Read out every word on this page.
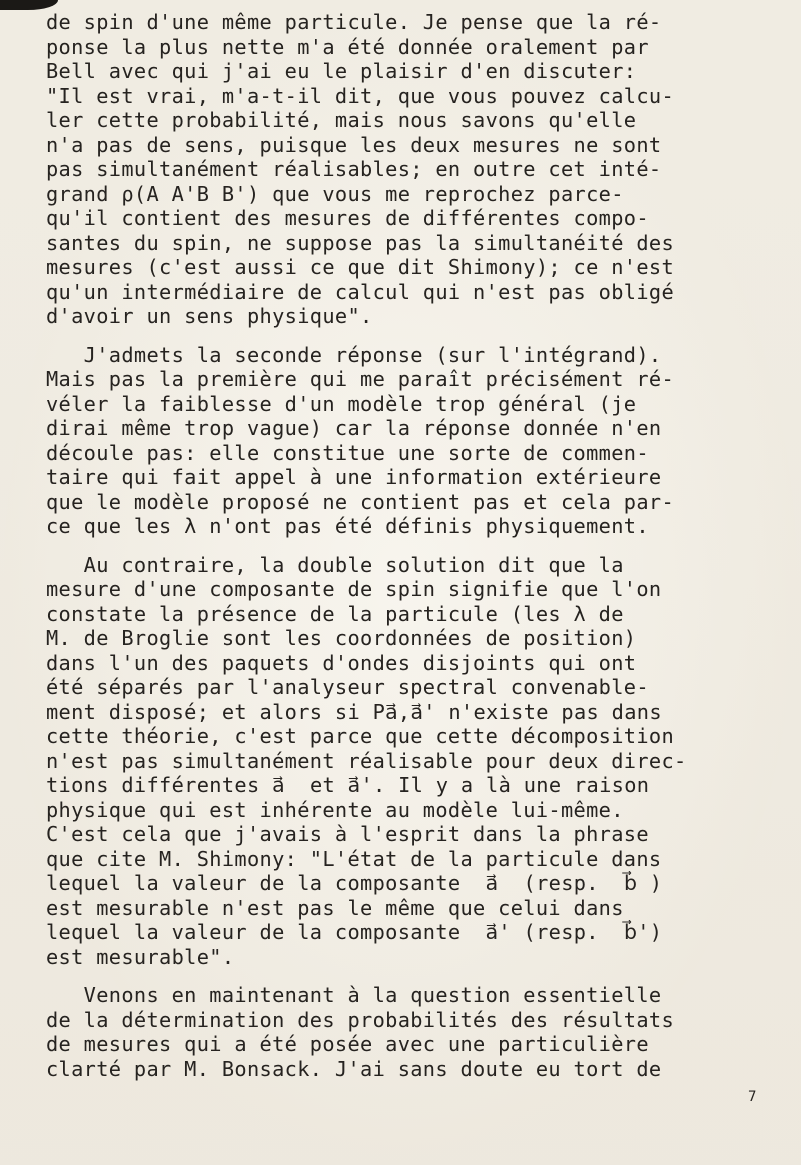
de spin d'une même particule. Je pense que la ré-
ponse la plus nette m'a été donnée oralement par
Bell avec qui j'ai eu le plaisir d'en discuter:
"Il est vrai, m'a-t-il dit, que vous pouvez calcu-
ler cette probabilité, mais nous savons qu'elle
n'a pas de sens, puisque les deux mesures ne sont
pas simultanément réalisables; en outre cet inté-
grand ρ(A A'B B') que vous me reprochez parce-
qu'il contient des mesures de différentes compo-
santes du spin, ne suppose pas la simultanéité des
mesures (c'est aussi ce que dit Shimony); ce n'est
qu'un intermédiaire de calcul qui n'est pas obligé
d'avoir un sens physique".
J'admets la seconde réponse (sur l'intégrand).
Mais pas la première qui me paraît précisément ré-
véler la faiblesse d'un modèle trop général (je
dirai même trop vague) car la réponse donnée n'en
découle pas: elle constitue une sorte de commen-
taire qui fait appel à une information extérieure
que le modèle proposé ne contient pas et cela par-
ce que les λ n'ont pas été définis physiquement.
Au contraire, la double solution dit que la
mesure d'une composante de spin signifie que l'on
constate la présence de la particule (les λ de
M. de Broglie sont les coordonnées de position)
dans l'un des paquets d'ondes disjoints qui ont
été séparés par l'analyseur spectral convenable-
ment disposé; et alors si Pa⃗,a⃗' n'existe pas dans
cette théorie, c'est parce que cette décomposition
n'est pas simultanément réalisable pour deux direc-
tions différentes a⃗  et a⃗'. Il y a là une raison
physique qui est inhérente au modèle lui-même.
C'est cela que j'avais à l'esprit dans la phrase
que cite M. Shimony: "L'état de la particule dans
lequel la valeur de la composante  a⃗  (resp.  b⃗ )
est mesurable n'est pas le même que celui dans
lequel la valeur de la composante  a⃗' (resp.  b⃗')
est mesurable".
Venons en maintenant à la question essentielle
de la détermination des probabilités des résultats
de mesures qui a été posée avec une particulière
clarté par M. Bonsack. J'ai sans doute eu tort de
7
